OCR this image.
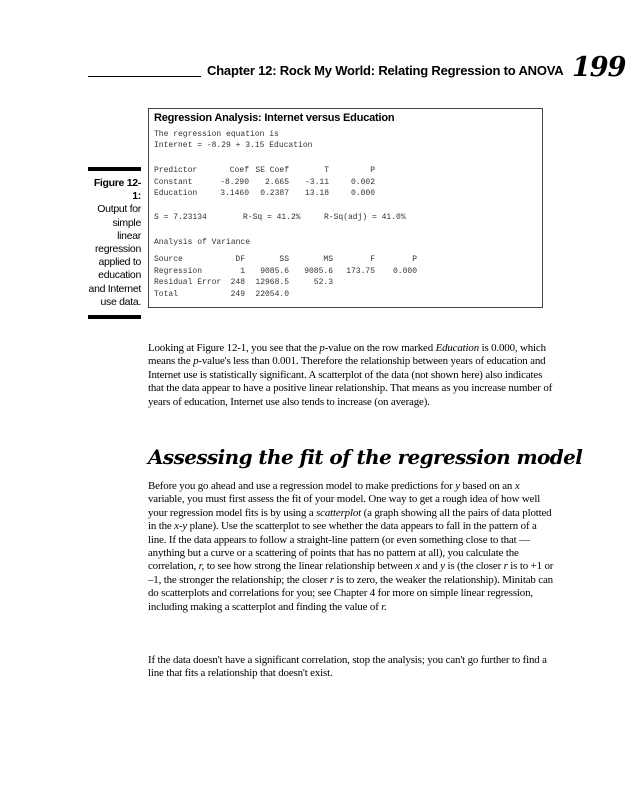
Chapter 12: Rock My World: Relating Regression to ANOVA 199
Figure 12-1:
Output for simple linear regression applied to education and Internet use data.
Regression Analysis: Internet versus Education
The regression equation is
Internet = -8.29 + 3.15 Education
Predictor	Coef SE Coef	T	P
Constant	-8.290	2.665	-3.11	0.002
Education	3.1460	0.2387	13.18	0.000
S = 7.23134	R-Sq = 41.2%	R-Sq(adj) = 41.0%
Analysis of Variance
Source	DF	SS	MS	F	P
Regression	1	9085.6	9085.6	173.75	0.000
Residual Error 248	12968.5	52.3
Total	249	22054.0

Looking at Figure 12-1, you see that the p-value on the row marked Education is 0.000, which means the p-value's less than 0.001. Therefore the relationship between years of education and Internet use is statistically significant. A scatterplot of the data (not shown here) also indicates that the data appear to have a positive linear relationship. That means as you increase number of years of education, Internet use also tends to increase (on average).

Assessing the fit of the regression model

Before you go ahead and use a regression model to make predictions for y based on an x variable, you must first assess the fit of your model. One way to get a rough idea of how well your regression model fits is by using a scatterplot (a graph showing all the pairs of data plotted in the x-y plane). Use the scatterplot to see whether the data appears to fall in the pattern of a line. If the data appears to follow a straight-line pattern (or even something close to that — anything but a curve or a scattering of points that has no pattern at all), you calculate the correlation, r, to see how strong the linear relationship between x and y is (the closer r is to +1 or –1, the stronger the relationship; the closer r is to zero, the weaker the relationship). Minitab can do scatterplots and correlations for you; see Chapter 4 for more on simple linear regression, including making a scatterplot and finding the value of r.

If the data doesn't have a significant correlation, stop the analysis; you can't go further to find a line that fits a relationship that doesn't exist.
